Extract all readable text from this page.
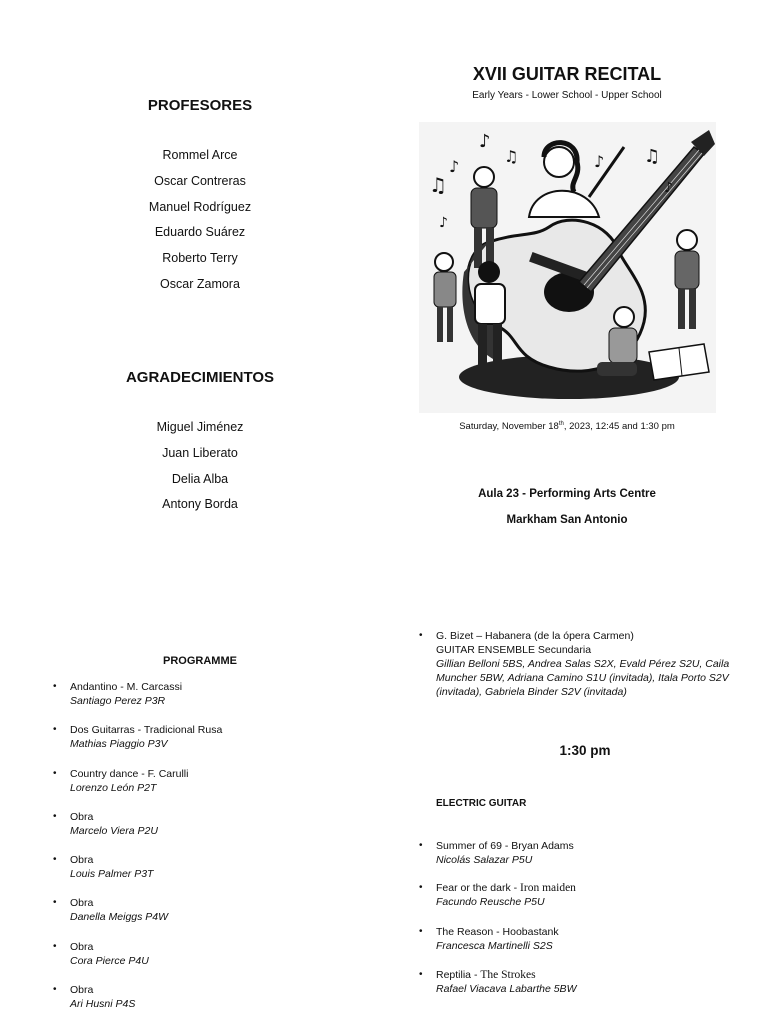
PROFESORES
Rommel Arce
Oscar Contreras
Manuel Rodríguez
Eduardo Suárez
Roberto Terry
Oscar Zamora
AGRADECIMIENTOS
Miguel Jiménez
Juan Liberato
Delia Alba
Antony Borda
XVII GUITAR RECITAL
Early Years - Lower School - Upper School
♫
♪
♪
♫	♪ ♫
♪
♪
Saturday, November 18th, 2023, 12:45 and 1:30 pm
Aula 23 - Performing Arts Centre
Markham San Antonio
PROGRAMME
• Andantino - M. Carcassi
Santiago Perez P3R
• Dos Guitarras - Tradicional Rusa
Mathias Piaggio P3V
• Country dance - F. Carulli
Lorenzo León P2T
• Obra
Marcelo Viera P2U
• Obra
Louis Palmer P3T
• Obra
Danella Meiggs P4W
• Obra
Cora Pierce P4U
• Obra
Ari Husni P4S
• G. Bizet – Habanera (de la ópera Carmen)
GUITAR ENSEMBLE Secundaria
Gillian Belloni 5BS, Andrea Salas S2X, Evald Pérez S2U, Caila
Muncher 5BW, Adriana Camino S1U (invitada), Itala Porto S2V
(invitada), Gabriela Binder S2V (invitada)
1:30 pm
ELECTRIC GUITAR
• Summer of 69 - Bryan Adams
Nicolás Salazar P5U
• Fear or the dark - Iron maiden
Facundo Reusche P5U
• The Reason - Hoobastank
Francesca Martinelli S2S
• Reptilia - The Strokes
Rafael Viacava Labarthe 5BW
